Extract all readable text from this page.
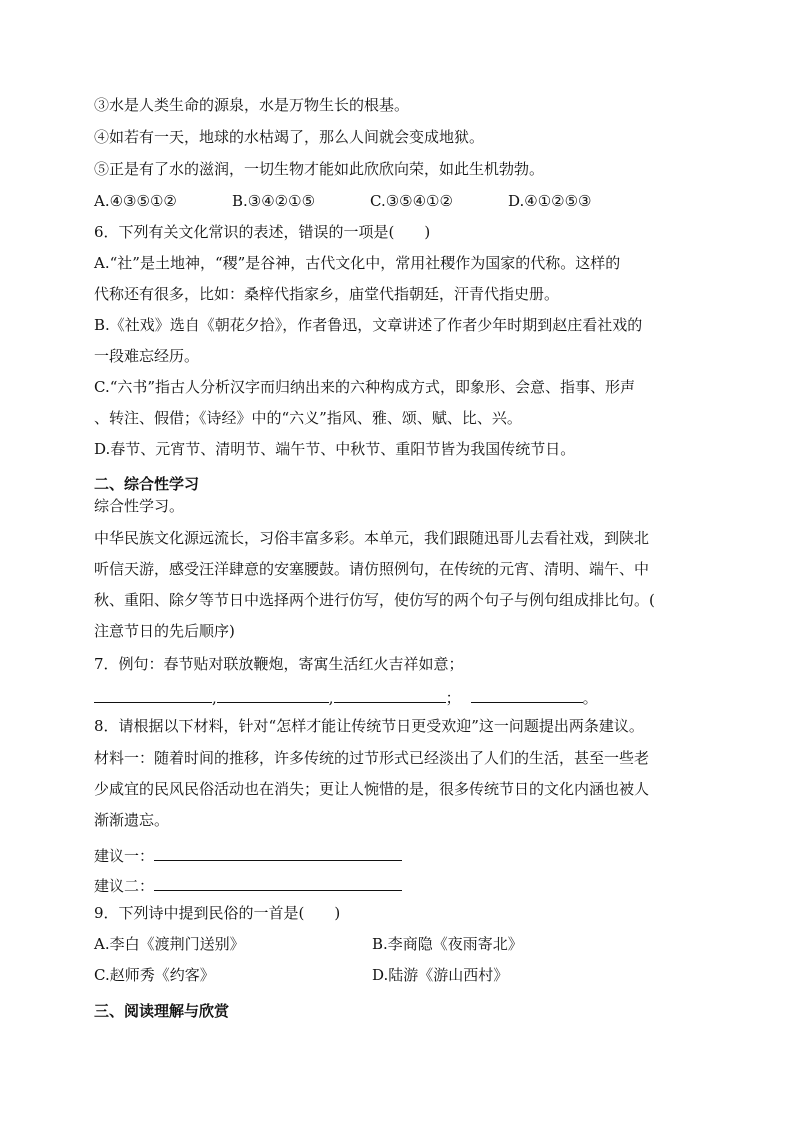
③水是人类生命的源泉，水是万物生长的根基。

④如若有一天，地球的水枯竭了，那么人间就会变成地狱。

⑤正是有了水的滋润，一切生物才能如此欣欣向荣，如此生机勃勃。

A.④③⑤①②	B.③④②①⑤	C.③⑤④①②	D.④①②⑤③

6．下列有关文化常识的表述，错误的一项是(　　)

A.“社”是土地神，“稷”是谷神，古代文化中，常用社稷作为国家的代称。这样的

代称还有很多，比如：桑梓代指家乡，庙堂代指朝廷，汗青代指史册。

B.《社戏》选自《朝花夕拾》，作者鲁迅，文章讲述了作者少年时期到赵庄看社戏的

一段难忘经历。

C.“六书”指古人分析汉字而归纳出来的六种构成方式，即象形、会意、指事、形声

、转注、假借；《诗经》中的“六义”指风、雅、颂、赋、比、兴。

D.春节、元宵节、清明节、端午节、中秋节、重阳节皆为我国传统节日。

二、综合性学习

综合性学习。

中华民族文化源远流长，习俗丰富多彩。本单元，我们跟随迅哥儿去看社戏，到陕北

听信天游，感受汪洋肆意的安塞腰鼓。请仿照例句，在传统的元宵、清明、端午、中

秋、重阳、除夕等节日中选择两个进行仿写，使仿写的两个句子与例句组成排比句。(

注意节日的先后顺序)

7．例句：春节贴对联放鞭炮，寄寓生活红火吉祥如意；

,	,	；	。

8．请根据以下材料，针对“怎样才能让传统节日更受欢迎”这一问题提出两条建议。

材料一：随着时间的推移，许多传统的过节形式已经淡出了人们的生活，甚至一些老

少咸宜的民风民俗活动也在消失；更让人惋惜的是，很多传统节日的文化内涵也被人

渐渐遗忘。

建议一：
建议二：

9．下列诗中提到民俗的一首是(　　)

A.李白《渡荆门送别》	B.李商隐《夜雨寄北》
C.赵师秀《约客》	D.陆游《游山西村》

三、阅读理解与欣赏
